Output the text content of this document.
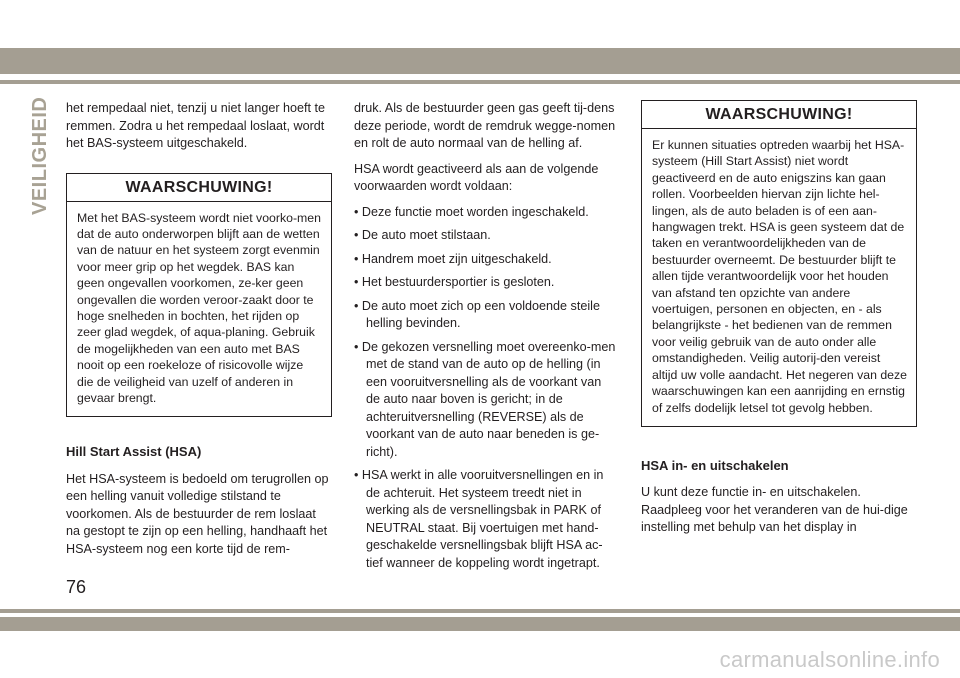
VEILIGHEID het rempedaal niet, tenzij u niet langer hoeft te remmen. Zodra u het rempedaal loslaat, wordt het BAS-systeem uitgeschakeld.

WAARSCHUWING!
Met het BAS-systeem wordt niet voorko-men dat de auto onderworpen blijft aan de wetten van de natuur en het systeem zorgt evenmin voor meer grip op het wegdek. BAS kan geen ongevallen voorkomen, ze-ker geen ongevallen die worden veroor-zaakt door te hoge snelheden in bochten, het rijden op zeer glad wegdek, of aqua-planing. Gebruik de mogelijkheden van een auto met BAS nooit op een roekeloze of risicovolle wijze die de veiligheid van uzelf of anderen in gevaar brengt.
Hill Start Assist (HSA)

Het HSA-systeem is bedoeld om terugrollen op een helling vanuit volledige stilstand te voorkomen. Als de bestuurder de rem loslaat na gestopt te zijn op een helling, handhaaft het HSA-systeem nog een korte tijd de rem-

druk. Als de bestuurder geen gas geeft tij-dens deze periode, wordt de remdruk wegge-nomen en rolt de auto normaal van de helling af.

HSA wordt geactiveerd als aan de volgende voorwaarden wordt voldaan:

• Deze functie moet worden ingeschakeld.
• De auto moet stilstaan.
• Handrem moet zijn uitgeschakeld.
• Het bestuurdersportier is gesloten.
• De auto moet zich op een voldoende steile helling bevinden.
• De gekozen versnelling moet overeenko-men met de stand van de auto op de helling (in een vooruitversnelling als de voorkant van de auto naar boven is gericht; in de achteruitversnelling (REVERSE) als de voorkant van de auto naar beneden is ge-richt).
• HSA werkt in alle vooruitversnellingen en in de achteruit. Het systeem treedt niet in werking als de versnellingsbak in PARK of NEUTRAL staat. Bij voertuigen met hand-geschakelde versnellingsbak blijft HSA ac-tief wanneer de koppeling wordt ingetrapt.
WAARSCHUWING!
Er kunnen situaties optreden waarbij het HSA-systeem (Hill Start Assist) niet wordt geactiveerd en de auto enigszins kan gaan rollen. Voorbeelden hiervan zijn lichte hel-lingen, als de auto beladen is of een aan-hangwagen trekt. HSA is geen systeem dat de taken en verantwoordelijkheden van de bestuurder overneemt. De bestuurder blijft te allen tijde verantwoordelijk voor het houden van afstand ten opzichte van andere voertuigen, personen en objecten, en - als belangrijkste - het bedienen van de remmen voor veilig gebruik van de auto onder alle omstandigheden. Veilig autorij-den vereist altijd uw volle aandacht. Het negeren van deze waarschuwingen kan een aanrijding en ernstig of zelfs dodelijk letsel tot gevolg hebben.
HSA in- en uitschakelen

U kunt deze functie in- en uitschakelen. Raadpleeg voor het veranderen van de hui-dige instelling met behulp van het display in

76
carmanualsonline.info
